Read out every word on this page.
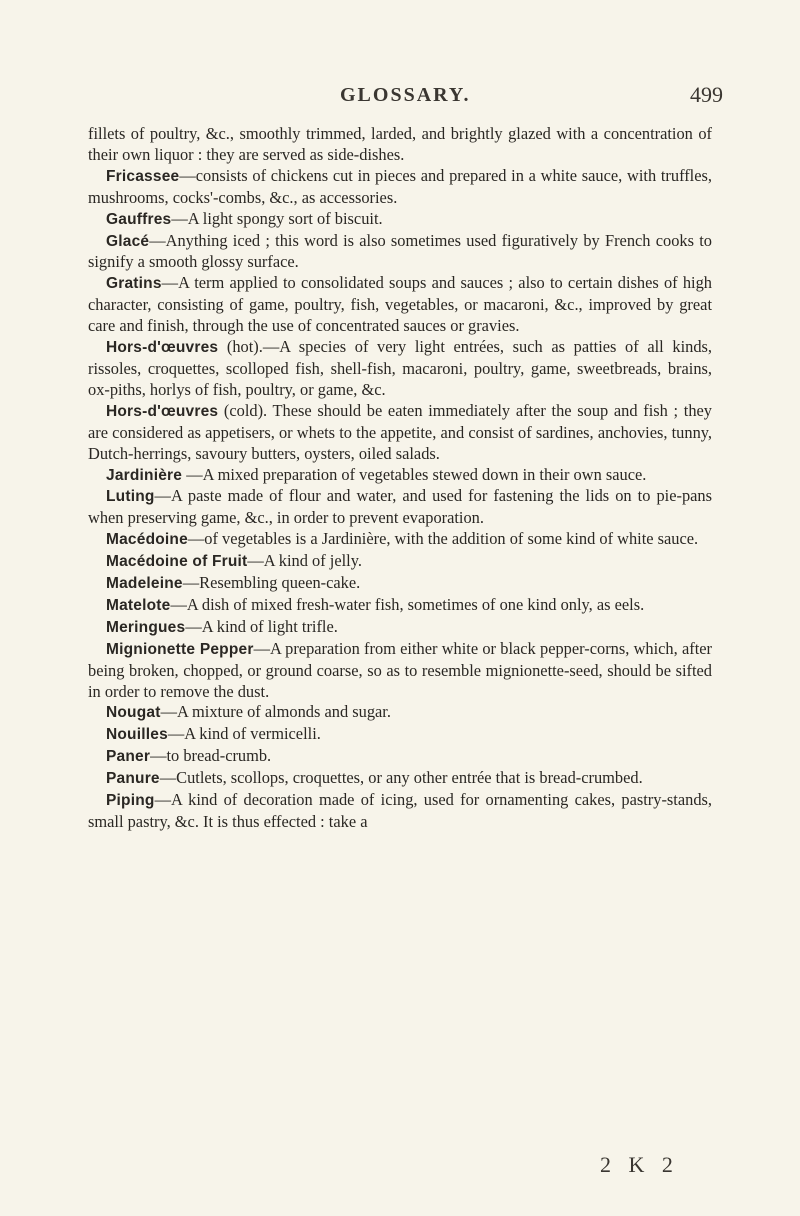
GLOSSARY.	499

fillets of poultry, &c., smoothly trimmed, larded, and brightly glazed with a concentration of their own liquor : they are served as side-dishes.

Fricassee—consists of chickens cut in pieces and prepared in a white sauce, with truffles, mushrooms, cocks'-combs, &c., as accessories.

Gauffres—A light spongy sort of biscuit.

Glacé—Anything iced ; this word is also sometimes used figuratively by French cooks to signify a smooth glossy surface.

Gratins—A term applied to consolidated soups and sauces ; also to certain dishes of high character, consisting of game, poultry, fish, vegetables, or macaroni, &c., improved by great care and finish, through the use of concentrated sauces or gravies.

Hors-d'œuvres (hot).—A species of very light entrées, such as patties of all kinds, rissoles, croquettes, scolloped fish, shell-fish, macaroni, poultry, game, sweetbreads, brains, ox-piths, horlys of fish, poultry, or game, &c.

Hors-d'œuvres (cold). These should be eaten immediately after the soup and fish ; they are considered as appetisers, or whets to the appetite, and consist of sardines, anchovies, tunny, Dutch-herrings, savoury butters, oysters, oiled salads.

Jardinière —A mixed preparation of vegetables stewed down in their own sauce.

Luting—A paste made of flour and water, and used for fastening the lids on to pie-pans when preserving game, &c., in order to prevent evaporation.

Macédoine—of vegetables is a Jardinière, with the addition of some kind of white sauce.

Macédoine of Fruit—A kind of jelly.

Madeleine—Resembling queen-cake.

Matelote—A dish of mixed fresh-water fish, sometimes of one kind only, as eels.

Meringues—A kind of light trifle.

Mignionette Pepper—A preparation from either white or black pepper-corns, which, after being broken, chopped, or ground coarse, so as to resemble mignionette-seed, should be sifted in order to remove the dust.

Nougat—A mixture of almonds and sugar.

Nouilles—A kind of vermicelli.

Paner—to bread-crumb.

Panure—Cutlets, scollops, croquettes, or any other entrée that is bread-crumbed.

Piping—A kind of decoration made of icing, used for ornamenting cakes, pastry-stands, small pastry, &c. It is thus effected : take a

2 K 2
